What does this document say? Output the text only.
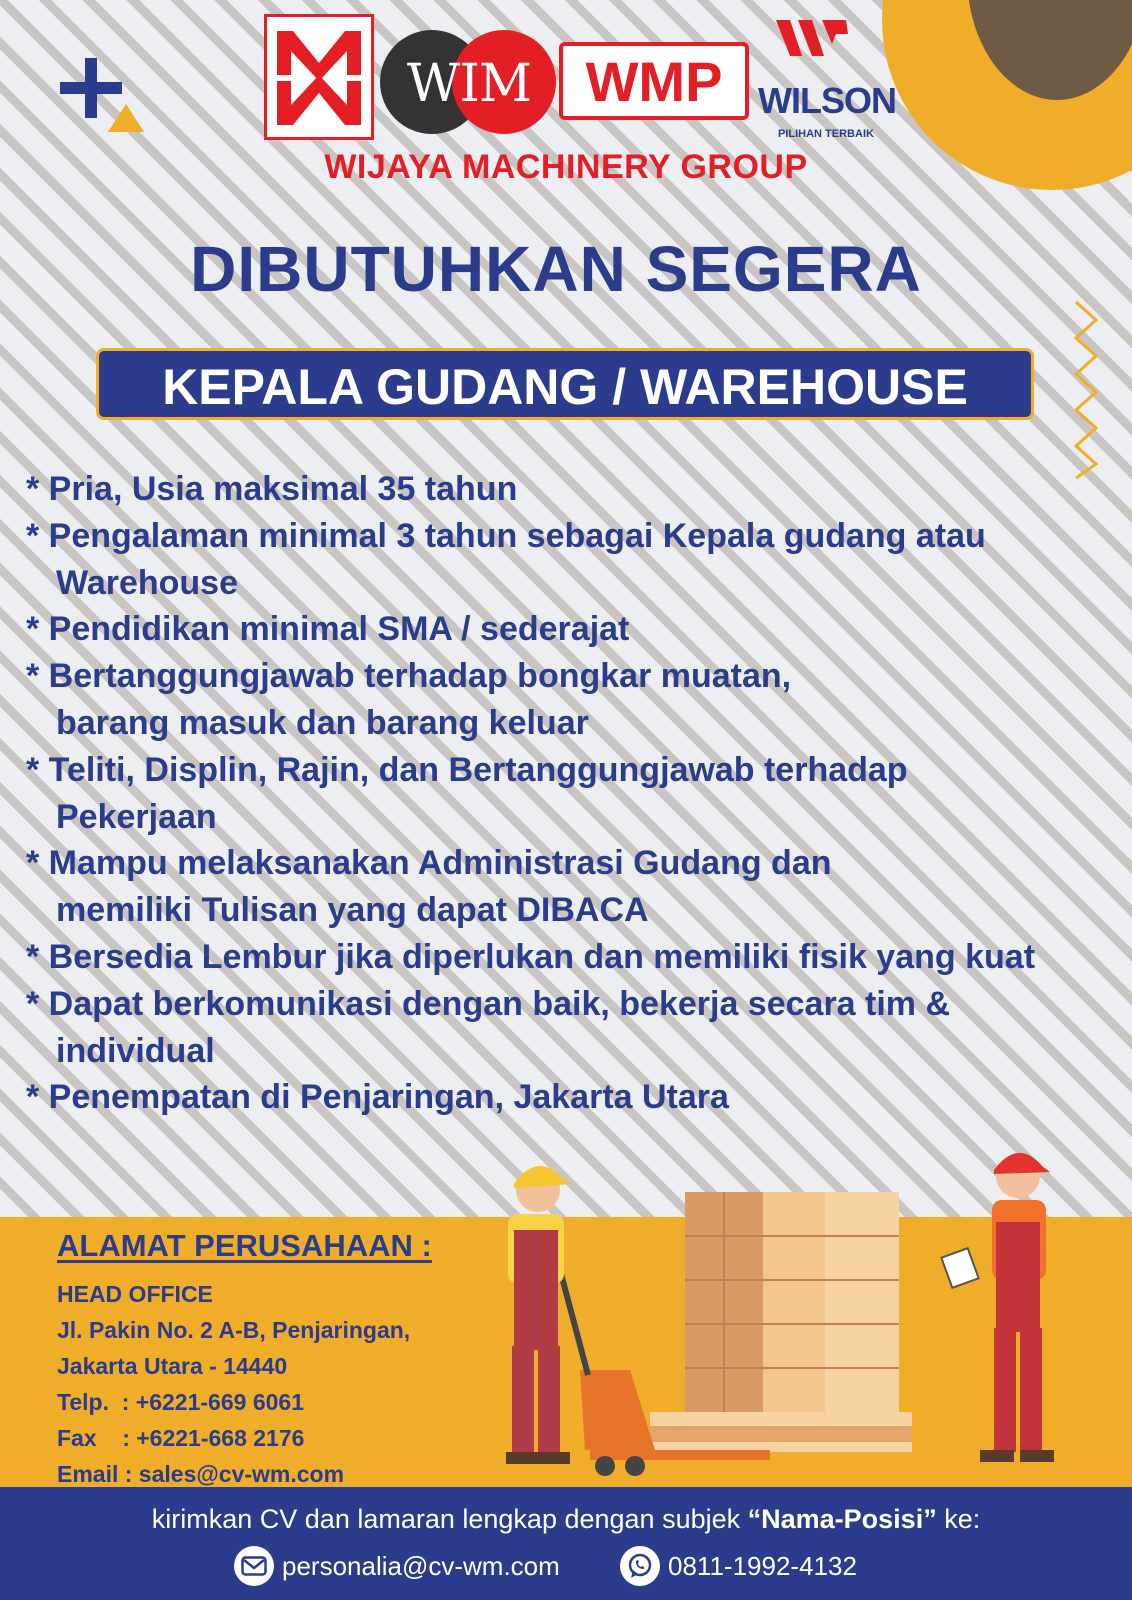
WIM WMP WILSON
PILIHAN TERBAIK
WIJAYA MACHINERY GROUP
DIBUTUHKAN SEGERA
KEPALA GUDANG / WAREHOUSE
* Pria, Usia maksimal 35 tahun
* Pengalaman minimal 3 tahun sebagai Kepala gudang atau Warehouse
* Pendidikan minimal SMA / sederajat
* Bertanggungjawab terhadap bongkar muatan, barang masuk dan barang keluar
* Teliti, Displin, Rajin, dan Bertanggungjawab terhadap Pekerjaan
* Mampu melaksanakan Administrasi Gudang dan memiliki Tulisan yang dapat DIBACA
* Bersedia Lembur jika diperlukan dan memiliki fisik yang kuat
* Dapat berkomunikasi dengan baik, bekerja secara tim & individual
* Penempatan di Penjaringan, Jakarta Utara
ALAMAT PERUSAHAAN :
HEAD OFFICE
Jl. Pakin No. 2 A-B, Penjaringan,
Jakarta Utara - 14440
Telp.  : +6221-669 6061
Fax    : +6221-668 2176
Email : sales@cv-wm.com
kirimkan CV dan lamaran lengkap dengan subjek “Nama-Posisi” ke:
personalia@cv-wm.com	0811-1992-4132
